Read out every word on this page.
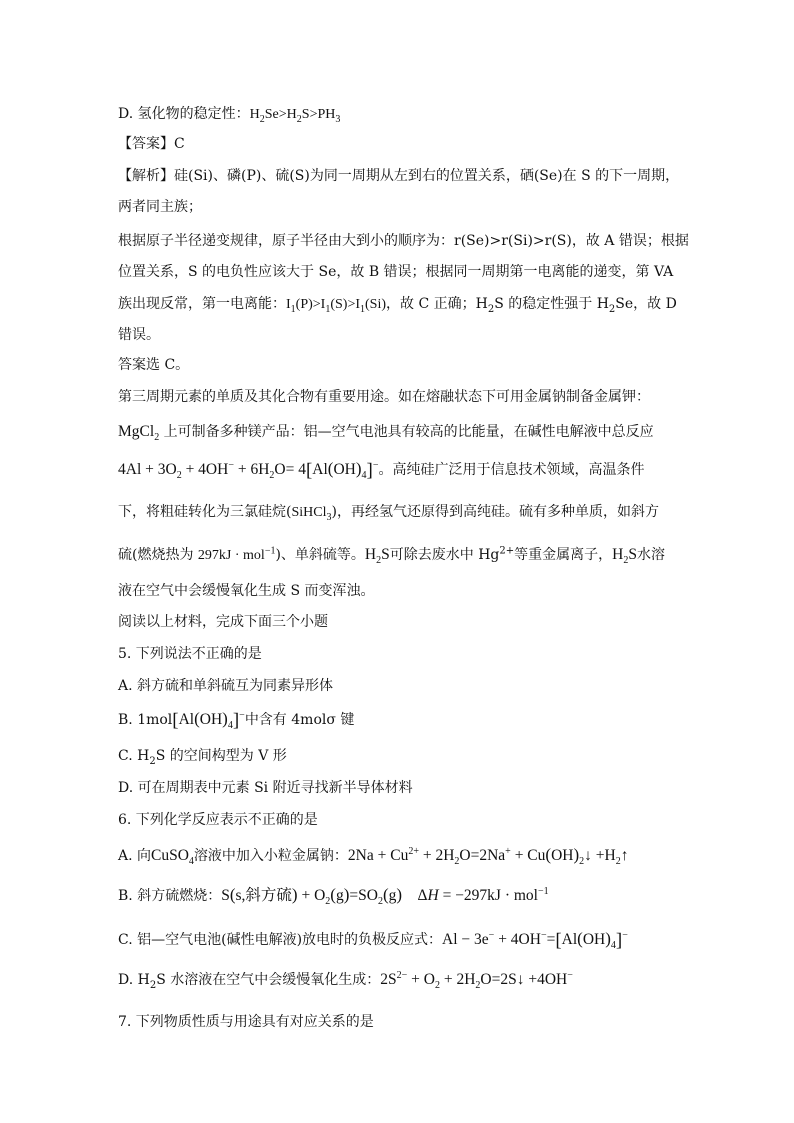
D. 氢化物的稳定性：$H_2Se>H_2S>PH_3$
【答案】C
【解析】硅(Si)、磷(P)、硫(S)为同一周期从左到右的位置关系，硒(Se)在 S 的下一周期，
两者同主族；
根据原子半径递变规律，原子半径由大到小的顺序为：r(Se)>r(Si)>r(S)，故 A 错误；根据
位置关系，S 的电负性应该大于 Se，故 B 错误；根据同一周期第一电离能的递变，第 VA
族出现反常，第一电离能：$I_1(P)>I_1(S)>I_1(Si)$，故 C 正确；$H_2S$ 的稳定性强于 $H_2Se$，故 D
错误。
答案选 C。
第三周期元素的单质及其化合物有重要用途。如在熔融状态下可用金属钠制备金属钾：
MgCl$_2$ 上可制备多种镁产品：铝—空气电池具有较高的比能量，在碱性电解液中总反应
$4Al + 3O_2 + 4OH^- + 6H_2O= 4[Al(OH)_4]^-$。高纯硅广泛用于信息技术领域，高温条件
下，将粗硅转化为三氯硅烷(SiHCl$_3$)，再经氢气还原得到高纯硅。硫有多种单质，如斜方
硫(燃烧热为 297kJ · mol$^{-1}$)、单斜硫等。$H_2S$可除去废水中 $Hg^{2+}$等重金属离子，$H_2S$水溶
液在空气中会缓慢氧化生成 S 而变浑浊。
阅读以上材料，完成下面三个小题
5. 下列说法不正确的是
A. 斜方硫和单斜硫互为同素异形体
B. $1mol[Al(OH)_4]^-$中含有 4molσ 键
C. $H_2S$ 的空间构型为 V 形
D. 可在周期表中元素 Si 附近寻找新半导体材料
6. 下列化学反应表示不正确的是
A. 向CuSO$_4$溶液中加入小粒金属钠：$2Na + Cu^{2+} + 2H_2O=2Na^+$ + $Cu(OH)_2↓$ $+H_2↑$
B. 斜方硫燃烧：S(s,斜方硫) + $O_2(g)=SO_2(g)$    ΔH = −297kJ · mol$^{-1}$
C. 铝—空气电池(碱性电解液)放电时的负极反应式：$Al - 3e^- + 4OH^-=[Al(OH)_4]^-$
D. $H_2S$ 水溶液在空气中会缓慢氧化生成：$2S^{2-} + O_2$ + $2H_2O=2S↓ +4OH^-$
7. 下列物质性质与用途具有对应关系的是
